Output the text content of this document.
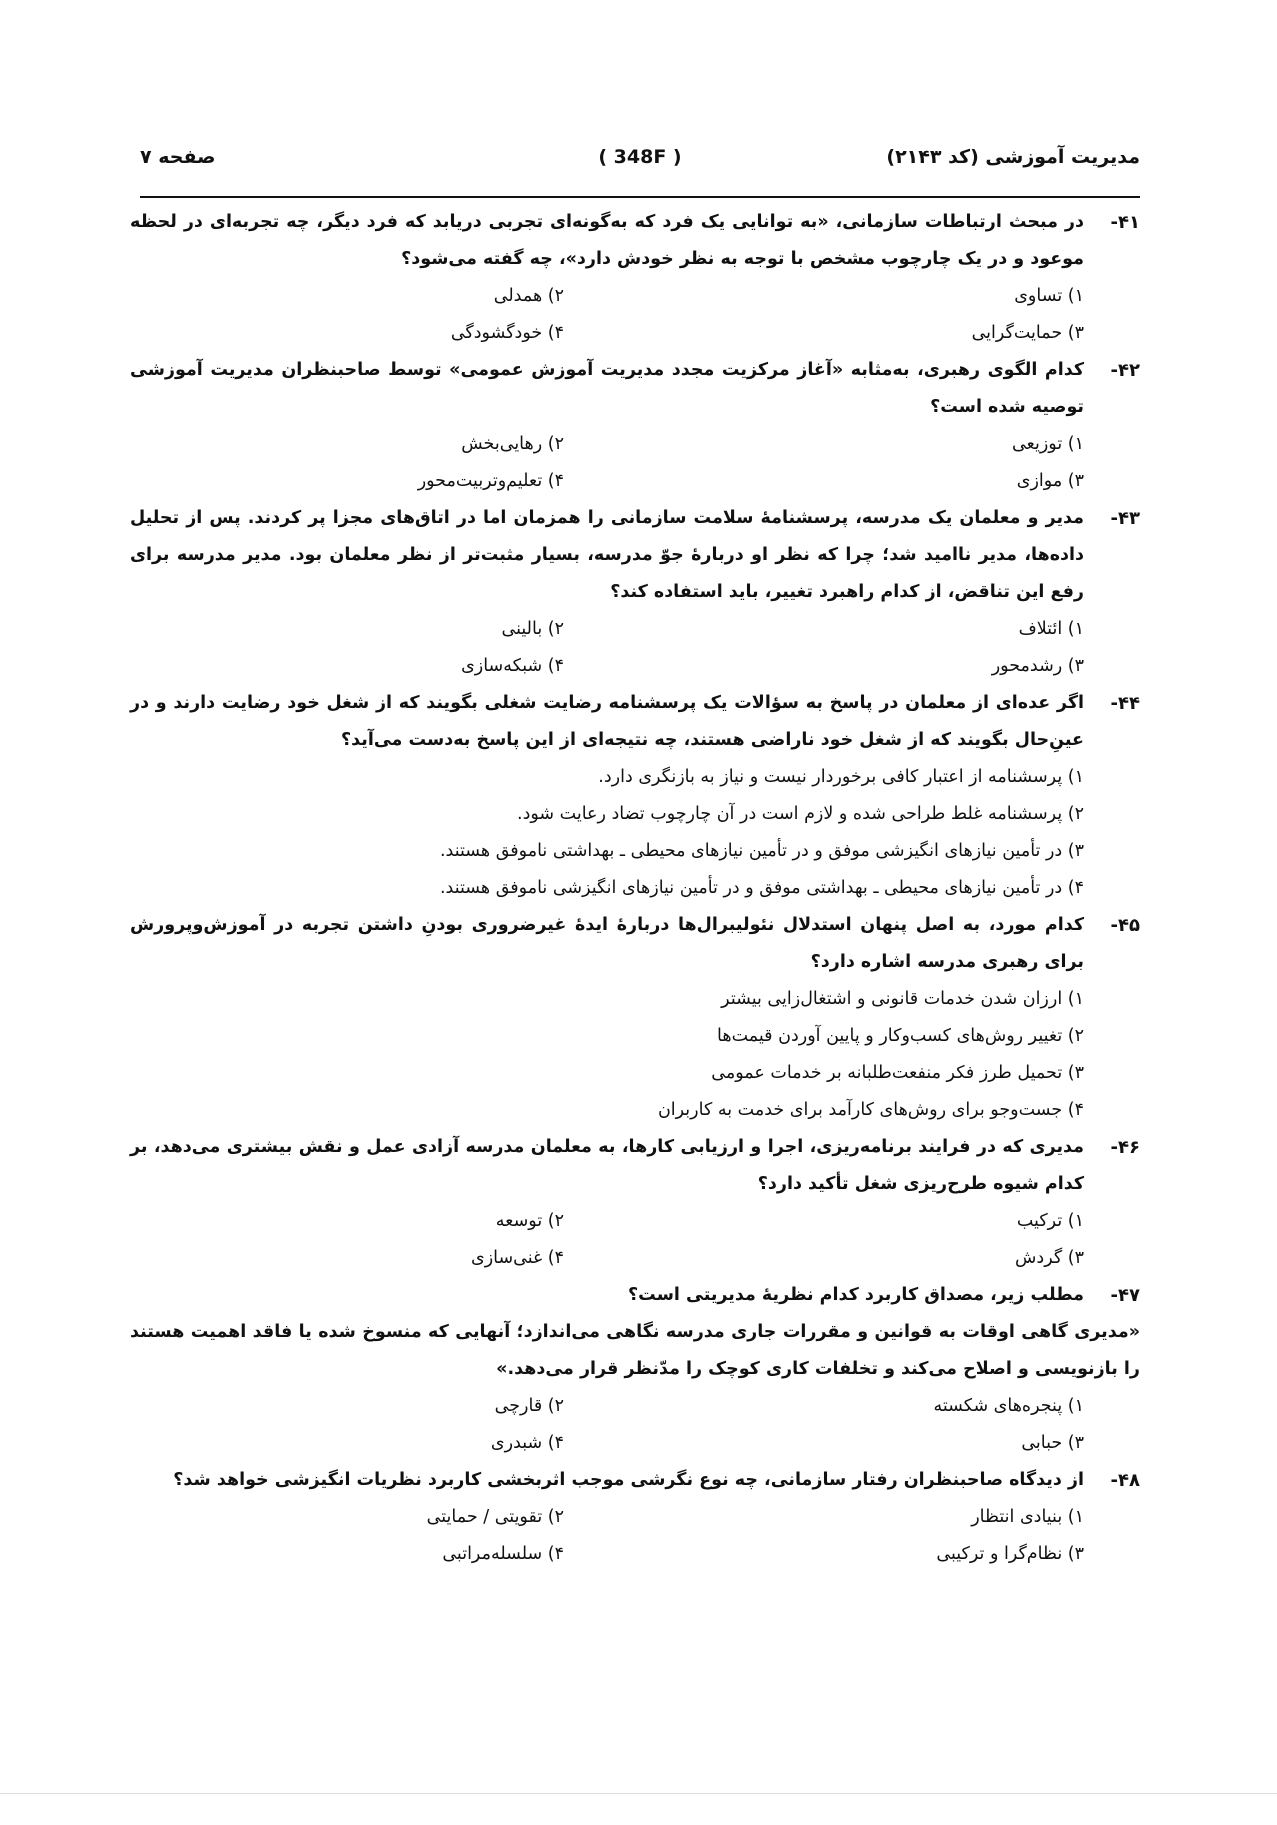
مدیریت آموزشی (کد ۲۱۴۳)
( 348F )
صفحه ۷
۴۱-
در مبحث ارتباطات سازمانی، «به توانایی یک فرد که به‌گونه‌ای تجربی دریابد که فرد دیگر، چه تجربه‌ای در لحظه موعود و در یک چارچوب مشخص با توجه به نظر خودش دارد»، چه گفته می‌شود؟
۱) تساوی
۲) همدلی
۳) حمایت‌گرایی
۴) خودگشودگی
۴۲-
کدام الگوی رهبری، به‌مثابه «آغاز مرکزیت مجدد مدیریت آموزش عمومی» توسط صاحبنظران مدیریت آموزشی توصیه شده است؟
۱) توزیعی
۲) رهایی‌بخش
۳) موازی
۴) تعلیم‌وتربیت‌محور
۴۳-
مدیر و معلمان یک مدرسه، پرسشنامهٔ سلامت سازمانی را همزمان اما در اتاق‌های مجزا پر کردند. پس از تحلیل داده‌ها، مدیر ناامید شد؛ چرا که نظر او دربارهٔ جوّ مدرسه، بسیار مثبت‌تر از نظر معلمان بود. مدیر مدرسه برای رفع این تناقض، از کدام راهبرد تغییر، باید استفاده کند؟
۱) ائتلاف
۲) بالینی
۳) رشدمحور
۴) شبکه‌سازی
۴۴-
اگر عده‌ای از معلمان در پاسخ به سؤالات یک پرسشنامه رضایت شغلی بگویند که از شغل خود رضایت دارند و در عینِ‌حال بگویند که از شغل خود ناراضی هستند، چه نتیجه‌ای از این پاسخ به‌دست می‌آید؟
۱) پرسشنامه از اعتبار کافی برخوردار نیست و نیاز به بازنگری دارد.
۲) پرسشنامه غلط طراحی شده و لازم است در آن چارچوب تضاد رعایت شود.
۳) در تأمین نیازهای انگیزشی موفق و در تأمین نیازهای محیطی ـ بهداشتی ناموفق هستند.
۴) در تأمین نیازهای محیطی ـ بهداشتی موفق و در تأمین نیازهای انگیزشی ناموفق هستند.
۴۵-
کدام مورد، به اصل پنهان استدلال نئولیبرال‌ها دربارهٔ ایدهٔ غیرضروری بودنِ داشتن تجربه در آموزش‌وپرورش برای رهبری مدرسه اشاره دارد؟
۱) ارزان شدن خدمات قانونی و اشتغال‌زایی بیشتر
۲) تغییر روش‌های کسب‌وکار و پایین آوردن قیمت‌ها
۳) تحمیل طرز فکر منفعت‌طلبانه بر خدمات عمومی
۴) جست‌وجو برای روش‌های کارآمد برای خدمت به کاربران
۴۶-
مدیری که در فرایند برنامه‌ریزی، اجرا و ارزیابی کارها، به معلمان مدرسه آزادی عمل و نقش بیشتری می‌دهد، بر کدام شیوه طرح‌ریزی شغل تأکید دارد؟
۱) ترکیب
۲) توسعه
۳) گردش
۴) غنی‌سازی
۴۷-
مطلب زیر، مصداق کاربرد کدام نظریهٔ مدیریتی است؟
«مدیری گاهی اوقات به قوانین و مقررات جاری مدرسه نگاهی می‌اندازد؛ آنهایی که منسوخ شده یا فاقد اهمیت هستند را بازنویسی و اصلاح می‌کند و تخلفات کاری کوچک را مدّنظر قرار می‌دهد.»
۱) پنجره‌های شکسته
۲) قارچی
۳) حبابی
۴) شبدری
۴۸-
از دیدگاه صاحبنظران رفتار سازمانی، چه نوع نگرشی موجب اثربخشی کاربرد نظریات انگیزشی خواهد شد؟
۱) بنیادی انتظار
۲) تقویتی / حمایتی
۳) نظام‌گرا و ترکیبی
۴) سلسله‌مراتبی
